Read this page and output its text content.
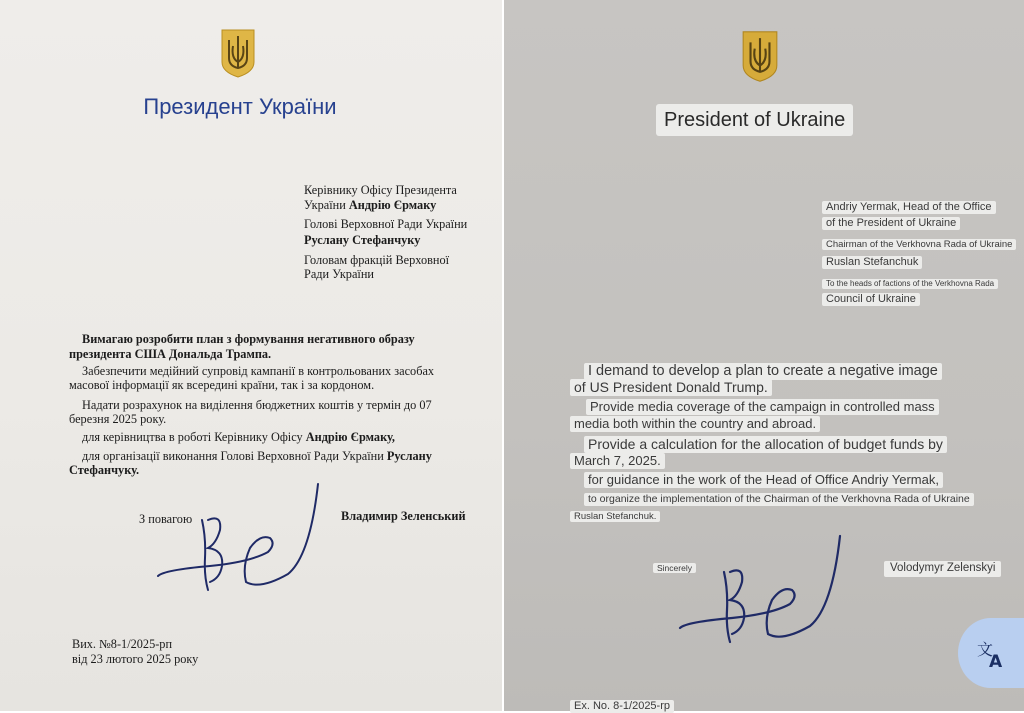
Президент України
Керівнику Офісу Президента
України Андрію Єрмаку
Голові Верховної Ради України
Руслану Стефанчуку
Головам фракцій Верховної
Ради України
Вимагаю розробити план з формування негативного образу
президента США Дональда Трампа.
Забезпечити медійний супровід кампанії в контрольованих засобах
масової інформації як всередині країни, так і за кордоном.
Надати розрахунок на виділення бюджетних коштів у термін до 07
березня 2025 року.
для керівництва в роботі Керівнику Офісу Андрію Єрмаку,
для організації виконання Голові Верховної Ради України Руслану
Стефанчуку.
З повагою	Владимир Зеленський
Вих. №8-1/2025-рп
від 23 лютого 2025 року
President of Ukraine
Andriy Yermak, Head of the Office
of the President of Ukraine
Chairman of the Verkhovna Rada of Ukraine
Ruslan Stefanchuk
To the heads of factions of the Verkhovna Rada
Council of Ukraine
I demand to develop a plan to create a negative image
of US President Donald Trump.
Provide media coverage of the campaign in controlled mass
media both within the country and abroad.
Provide a calculation for the allocation of budget funds by
March 7, 2025.
for guidance in the work of the Head of Office Andriy Yermak,
to organize the implementation of the Chairman of the Verkhovna Rada of Ukraine
Ruslan Stefanchuk.
Sincerely	Volodymyr Zelenskyi
Ex. No. 8-1/2025-rp
文
A
